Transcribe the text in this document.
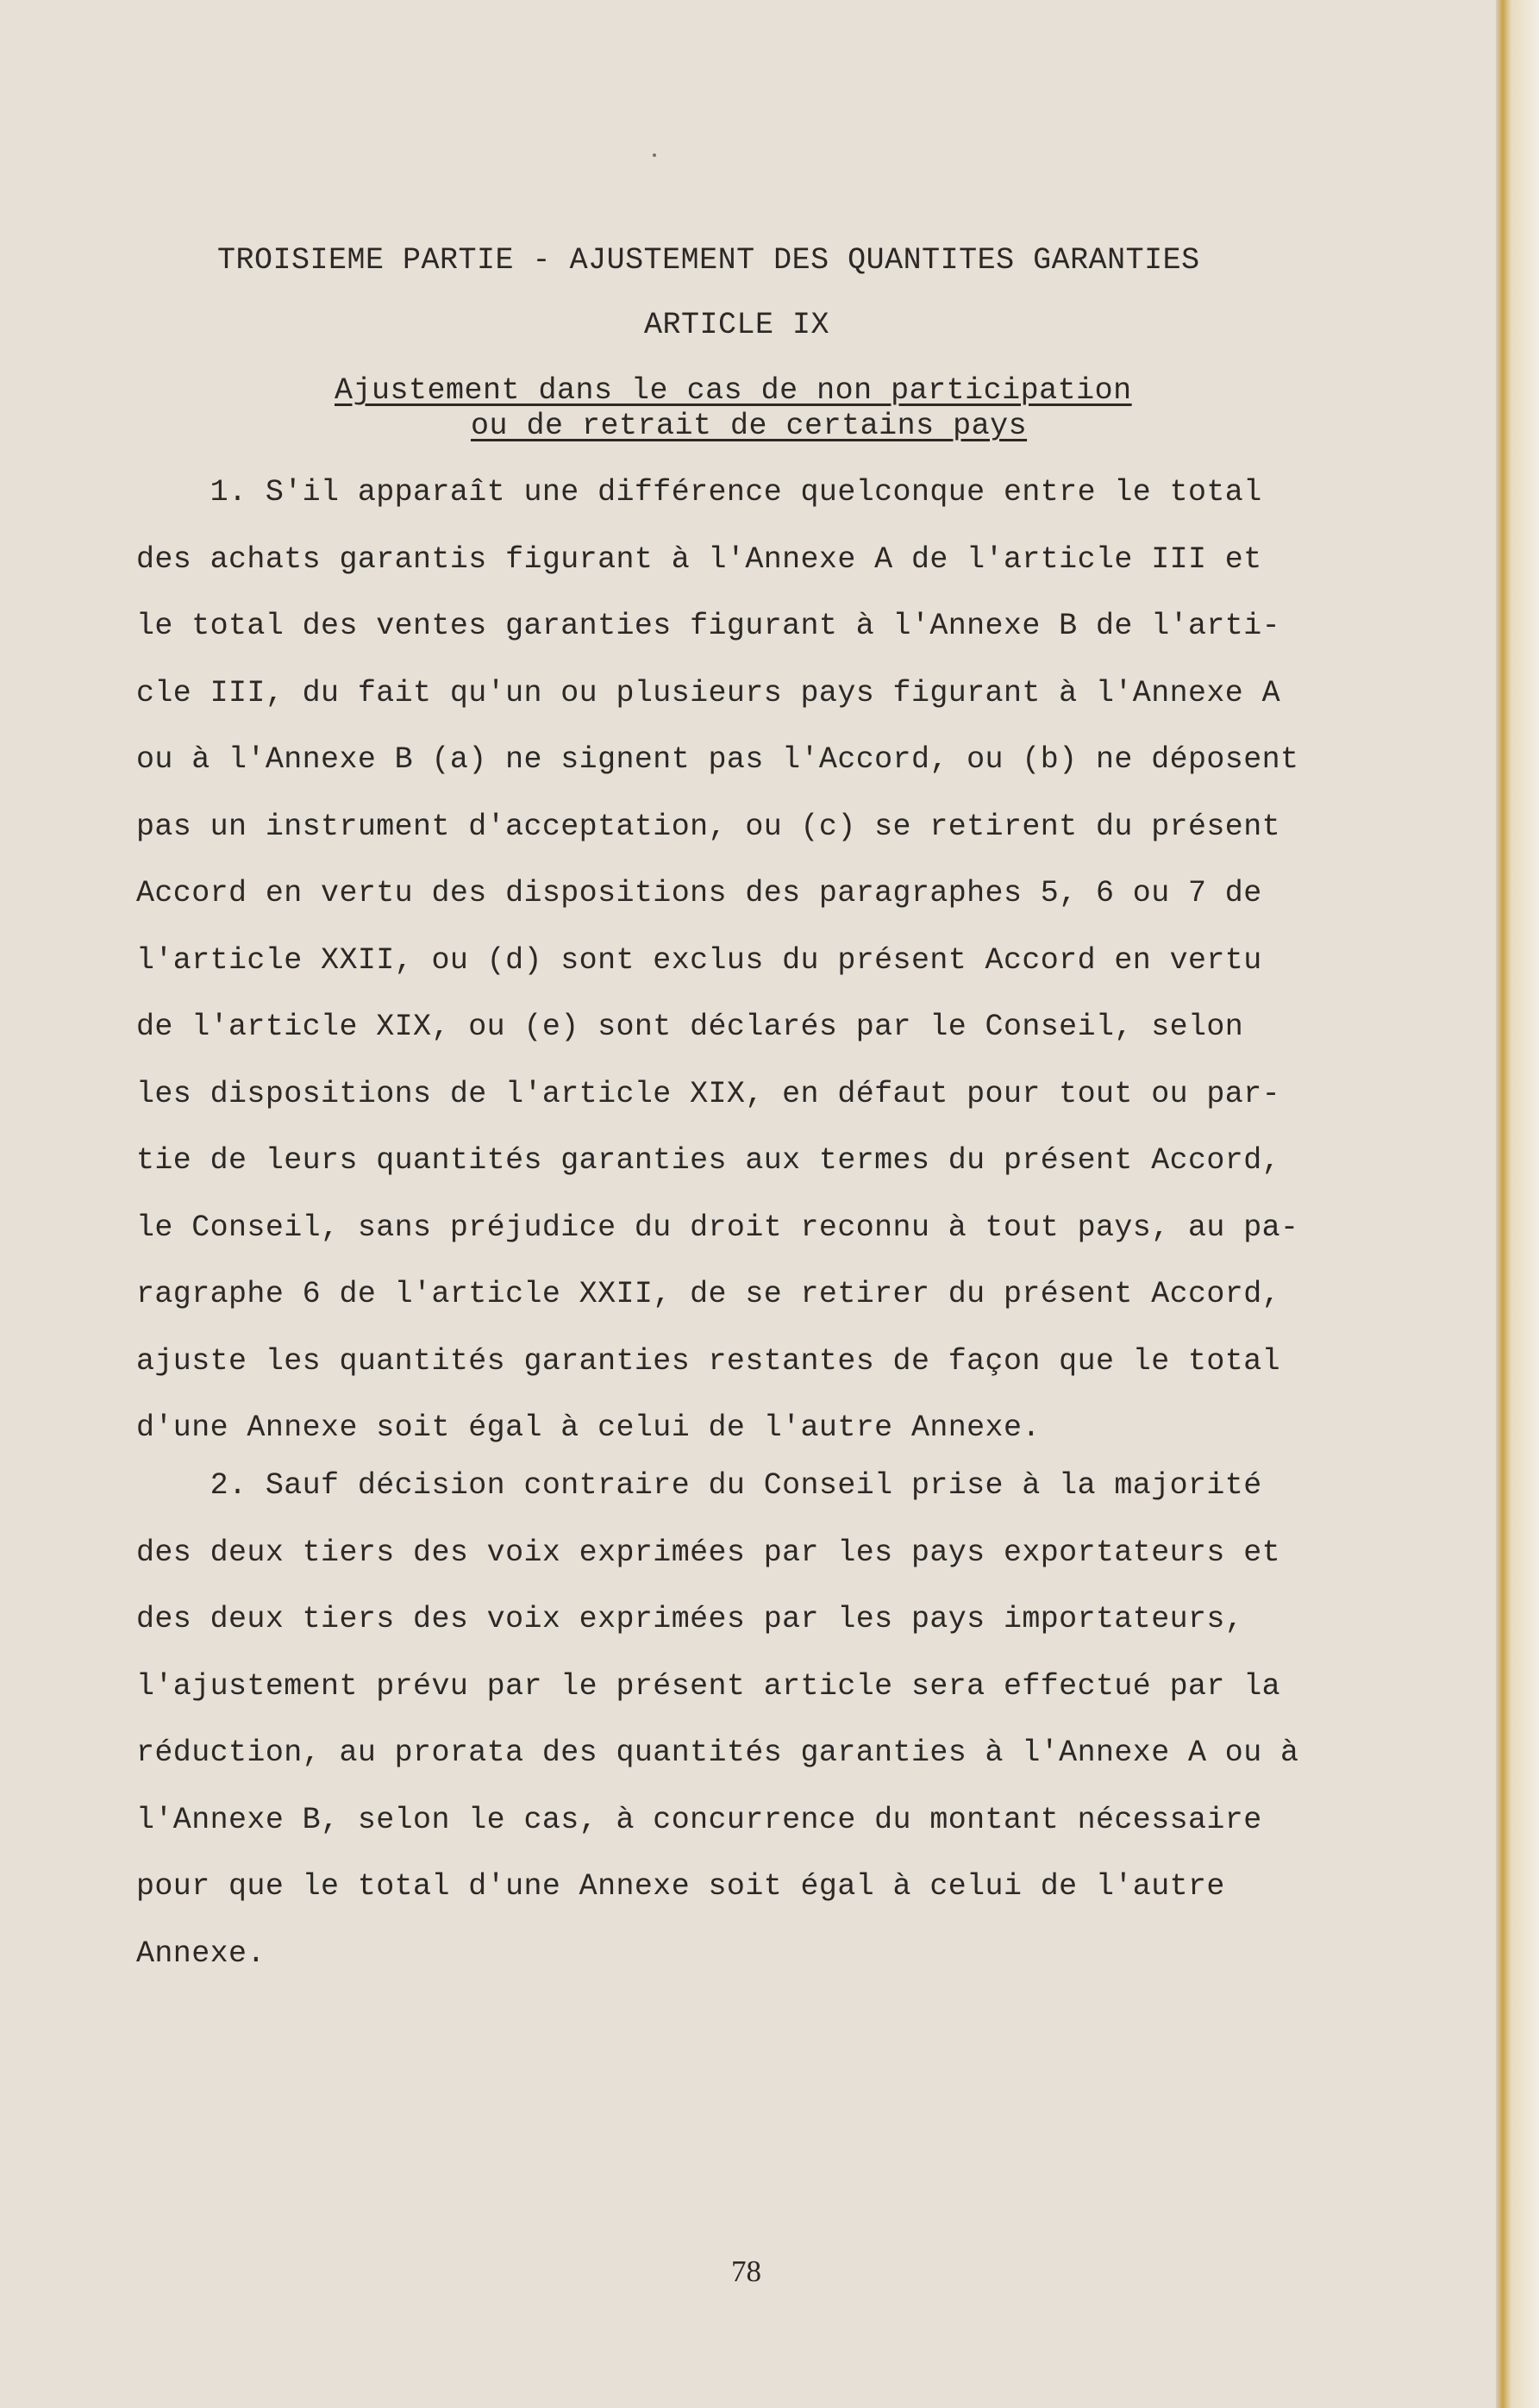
TROISIEME PARTIE - AJUSTEMENT DES QUANTITES GARANTIES
ARTICLE IX
Ajustement dans le cas de non participation
ou de retrait de certains pays
1. S'il apparaît une différence quelconque entre le total
des achats garantis figurant à l'Annexe A de l'article III et
le total des ventes garanties figurant à l'Annexe B de l'arti-
cle III, du fait qu'un ou plusieurs pays figurant à l'Annexe A
ou à l'Annexe B (a) ne signent pas l'Accord, ou (b) ne déposent
pas un instrument d'acceptation, ou (c) se retirent du présent
Accord en vertu des dispositions des paragraphes 5, 6 ou 7 de
l'article XXII, ou (d) sont exclus du présent Accord en vertu
de l'article XIX, ou (e) sont déclarés par le Conseil, selon
les dispositions de l'article XIX, en défaut pour tout ou par-
tie de leurs quantités garanties aux termes du présent Accord,
le Conseil, sans préjudice du droit reconnu à tout pays, au pa-
ragraphe 6 de l'article XXII, de se retirer du présent Accord,
ajuste les quantités garanties restantes de façon que le total
d'une Annexe soit égal à celui de l'autre Annexe.
2. Sauf décision contraire du Conseil prise à la majorité
des deux tiers des voix exprimées par les pays exportateurs et
des deux tiers des voix exprimées par les pays importateurs,
l'ajustement prévu par le présent article sera effectué par la
réduction, au prorata des quantités garanties à l'Annexe A ou à
l'Annexe B, selon le cas, à concurrence du montant nécessaire
pour que le total d'une Annexe soit égal à celui de l'autre
Annexe.
78
